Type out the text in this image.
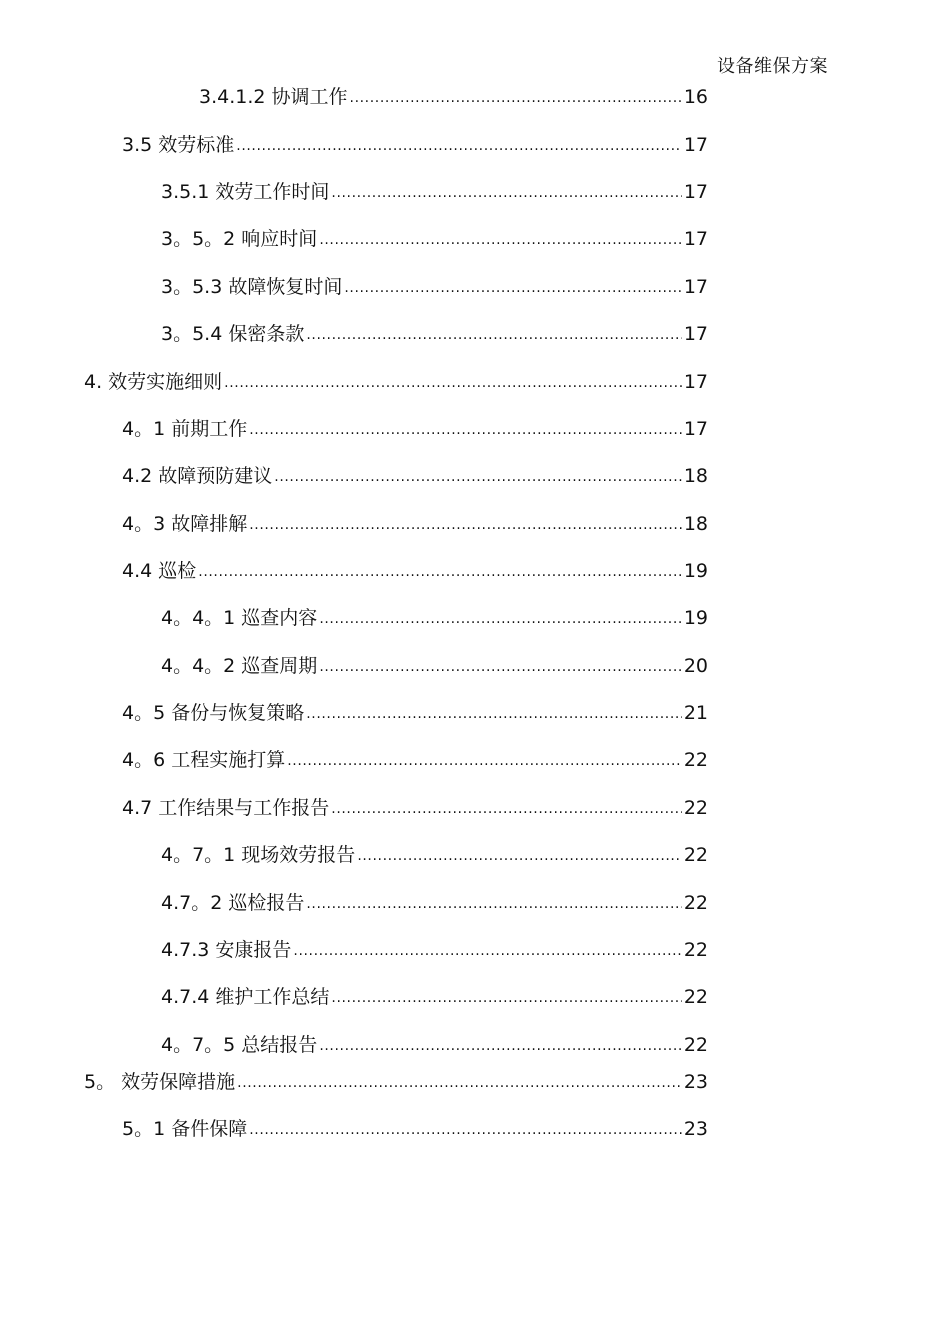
设备维保方案
3.4.1.2 协调工作 .....	16
3.5 效劳标准 .....	17
3.5.1 效劳工作时间 .....	17
3。5。2 响应时间 .....	17
3。5.3 故障恢复时间 .....	17
3。5.4 保密条款 .....	17
4. 效劳实施细则 .....	17
4。1 前期工作 .....	17
4.2 故障预防建议 .....	18
4。3 故障排解 .....	18
4.4 巡检 .....	19
4。4。1 巡查内容 .....	19
4。4。2 巡查周期 .....	20
4。5 备份与恢复策略 .....	21
4。6 工程实施打算 .....	22
4.7 工作结果与工作报告 .....	22
4。7。1 现场效劳报告 .....	22
4.7。2 巡检报告 .....	22
4.7.3 安康报告 .....	22
4.7.4 维护工作总结 .....	22
4。7。5 总结报告 .....	22
5。 效劳保障措施 .....	23
5。1 备件保障 .....	23
